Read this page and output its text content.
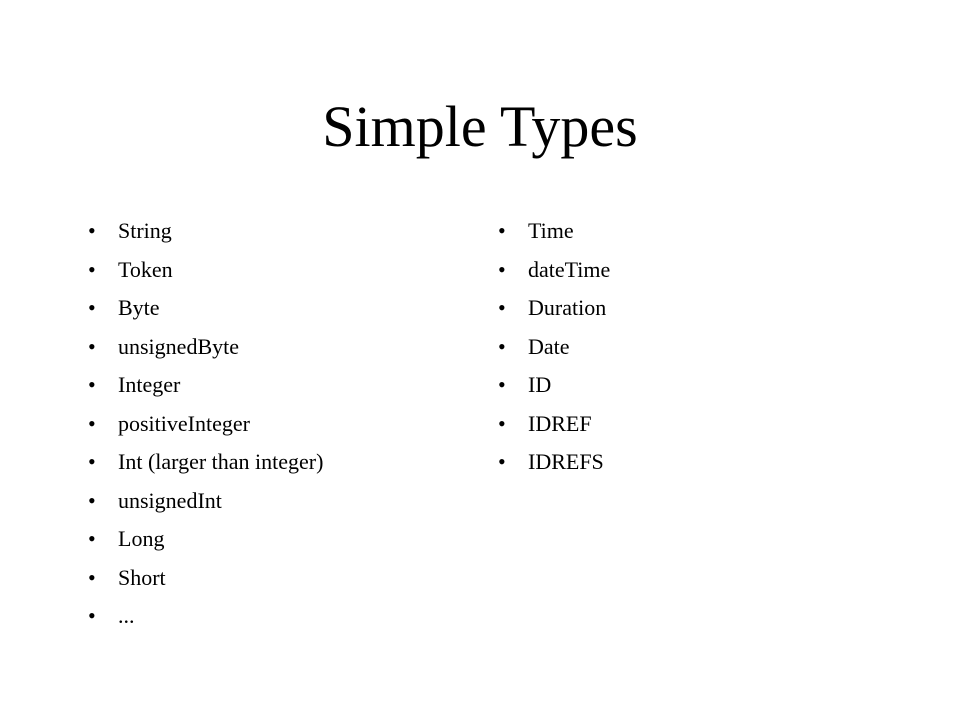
Simple Types
•	String
•	Token
•	Byte
•	unsignedByte
•	Integer
•	positiveInteger
•	Int (larger than integer)
•	unsignedInt
•	Long
•	Short
•	...
•	Time
•	dateTime
•	Duration
•	Date
•	ID
•	IDREF
•	IDREFS
